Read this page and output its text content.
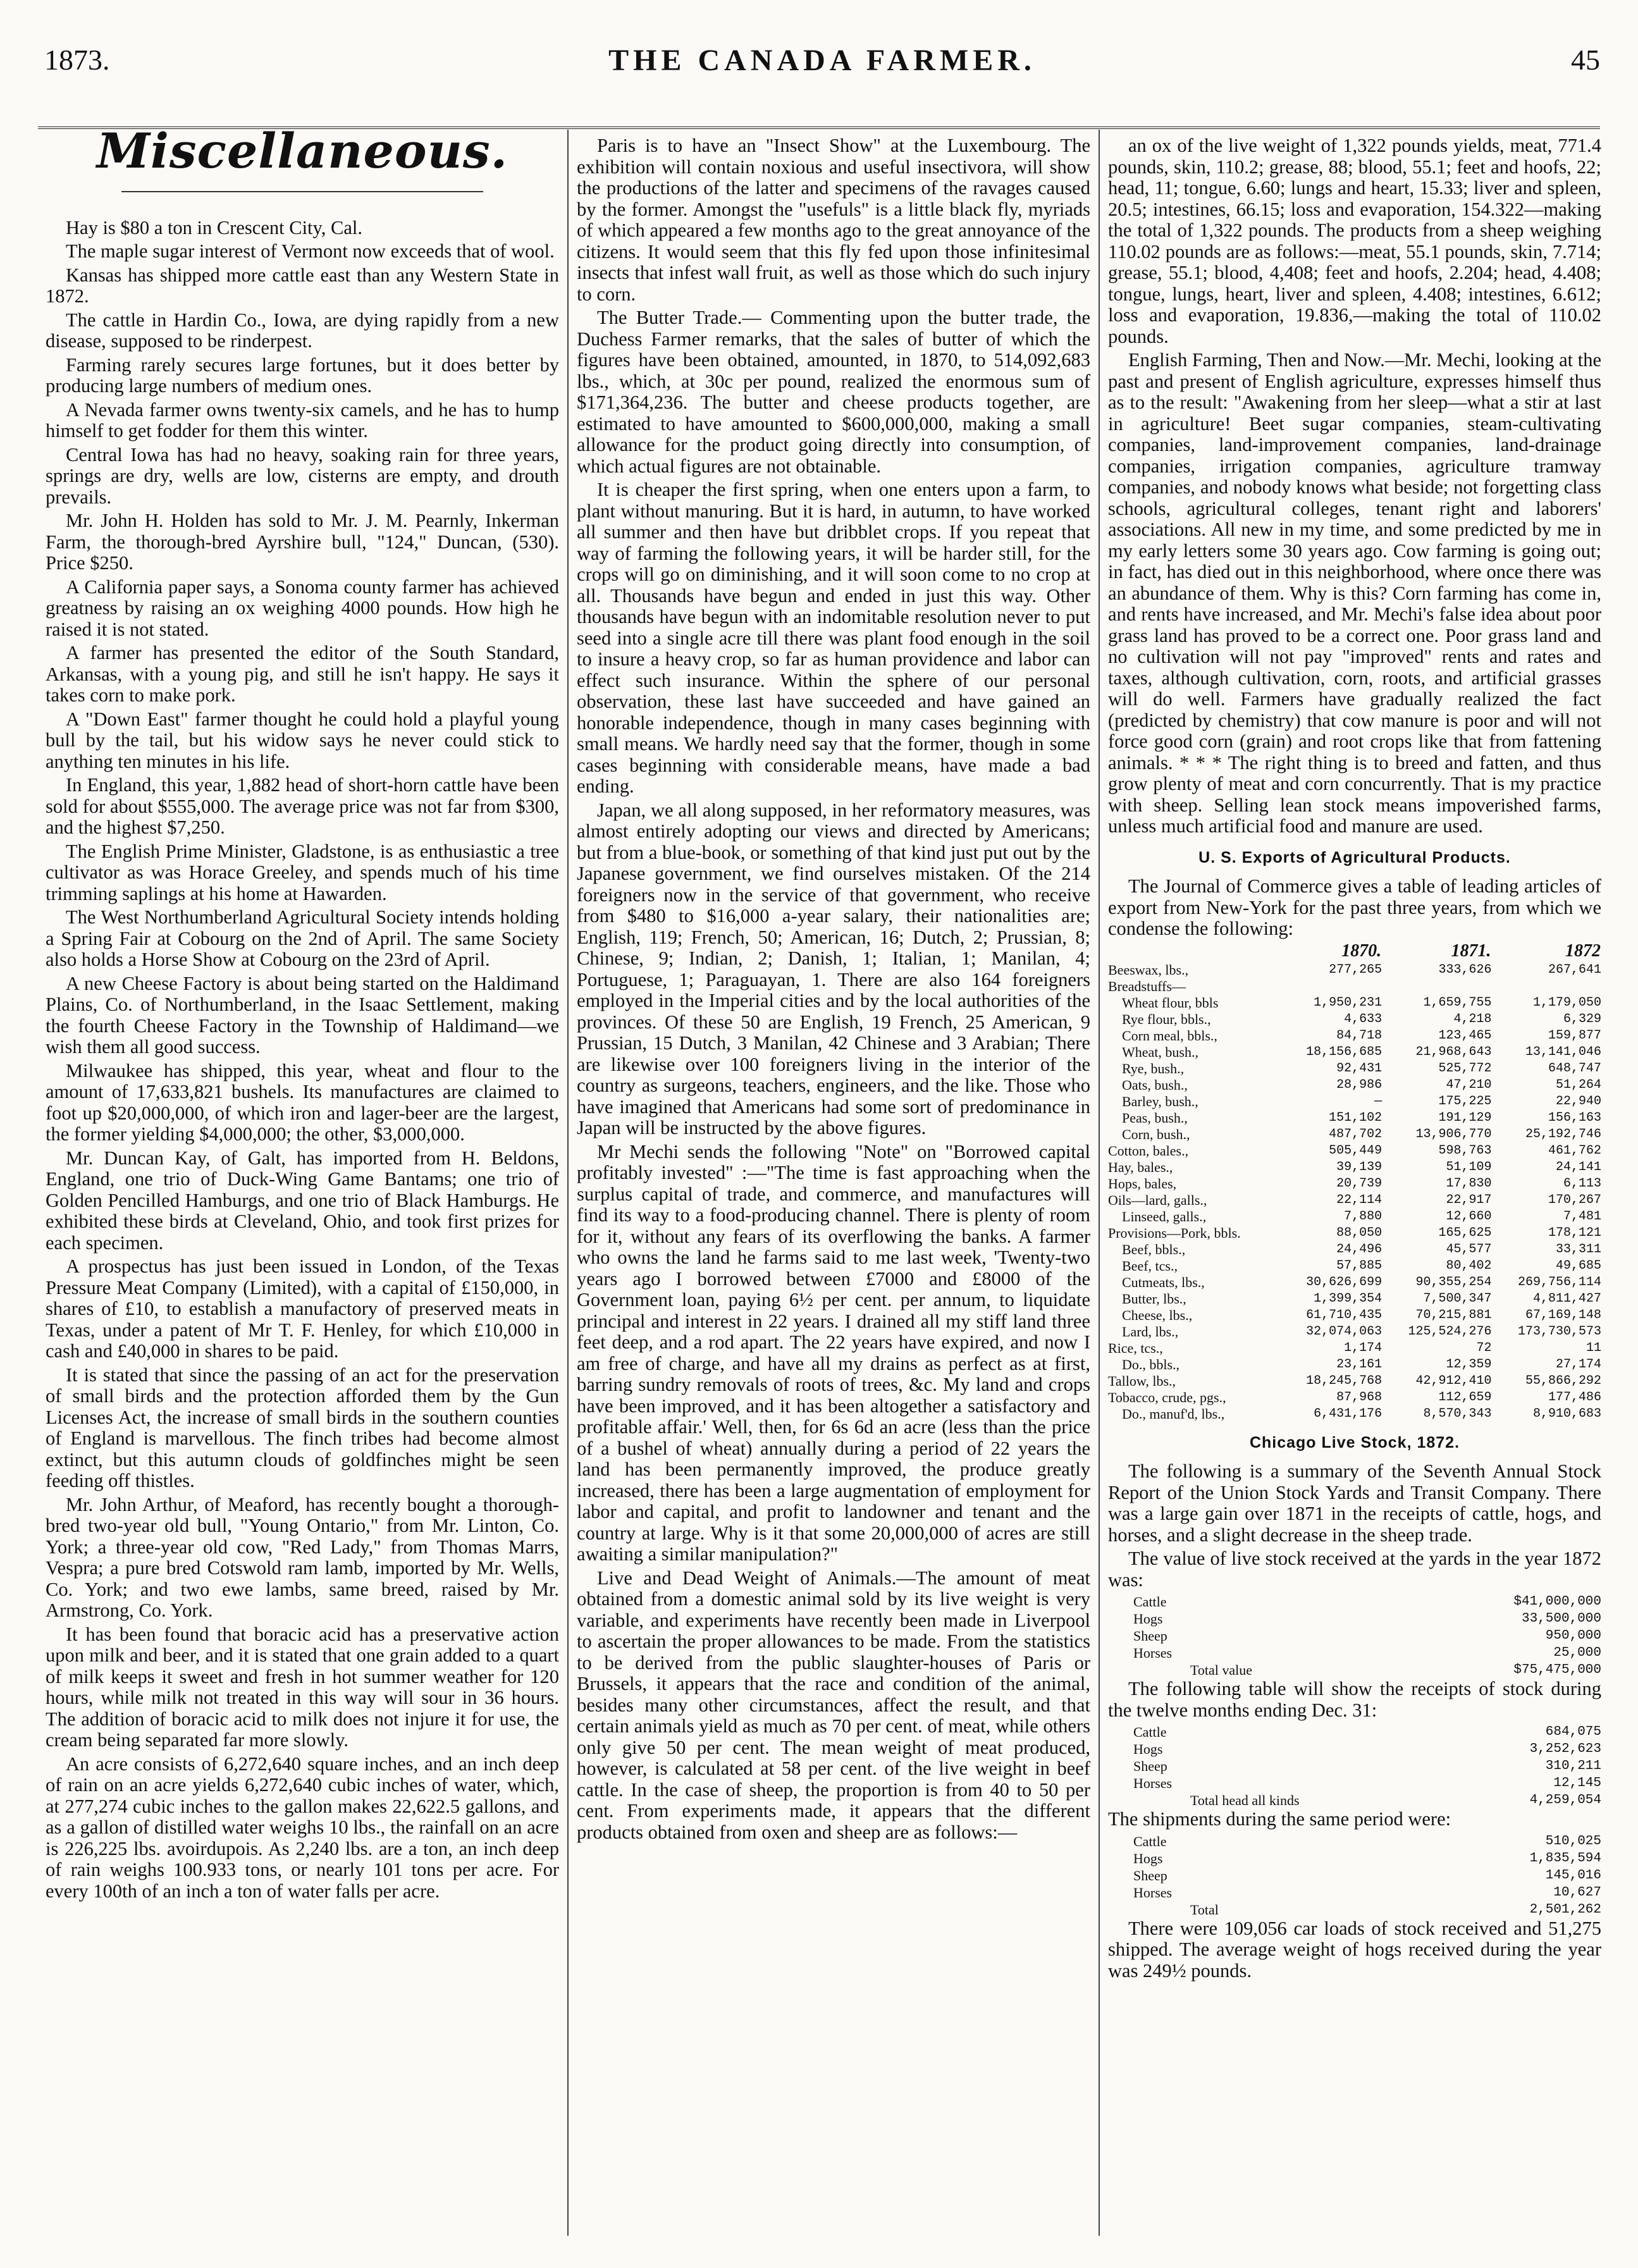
1873.	THE CANADA FARMER.	45
Miscellaneous.

Hay is $80 a ton in Crescent City, Cal.

The maple sugar interest of Vermont now exceeds that of wool.

Kansas has shipped more cattle east than any Western State in 1872.

The cattle in Hardin Co., Iowa, are dying rapidly from a new disease, supposed to be rinderpest.

Farming rarely secures large fortunes, but it does better by producing large numbers of medium ones.

A Nevada farmer owns twenty-six camels, and he has to hump himself to get fodder for them this winter.

Central Iowa has had no heavy, soaking rain for three years, springs are dry, wells are low, cisterns are empty, and drouth prevails.

Mr. John H. Holden has sold to Mr. J. M. Pearnly, Inkerman Farm, the thorough-bred Ayrshire bull, "124," Duncan, (530). Price $250.

A California paper says, a Sonoma county farmer has achieved greatness by raising an ox weighing 4000 pounds. How high he raised it is not stated.

A farmer has presented the editor of the South Standard, Arkansas, with a young pig, and still he isn't happy. He says it takes corn to make pork.

A "Down East" farmer thought he could hold a playful young bull by the tail, but his widow says he never could stick to anything ten minutes in his life.

In England, this year, 1,882 head of short-horn cattle have been sold for about $555,000. The average price was not far from $300, and the highest $7,250.

The English Prime Minister, Gladstone, is as enthusiastic a tree cultivator as was Horace Greeley, and spends much of his time trimming saplings at his home at Hawarden.

The West Northumberland Agricultural Society intends holding a Spring Fair at Cobourg on the 2nd of April. The same Society also holds a Horse Show at Cobourg on the 23rd of April.

A new Cheese Factory is about being started on the Haldimand Plains, Co. of Northumberland, in the Isaac Settlement, making the fourth Cheese Factory in the Township of Haldimand—we wish them all good success.

Milwaukee has shipped, this year, wheat and flour to the amount of 17,633,821 bushels. Its manufactures are claimed to foot up $20,000,000, of which iron and lager-beer are the largest, the former yielding $4,000,000; the other, $3,000,000.

Mr. Duncan Kay, of Galt, has imported from H. Beldons, England, one trio of Duck-Wing Game Bantams; one trio of Golden Pencilled Hamburgs, and one trio of Black Hamburgs. He exhibited these birds at Cleveland, Ohio, and took first prizes for each specimen.

A prospectus has just been issued in London, of the Texas Pressure Meat Company (Limited), with a capital of £150,000, in shares of £10, to establish a manufactory of preserved meats in Texas, under a patent of Mr T. F. Henley, for which £10,000 in cash and £40,000 in shares to be paid.

It is stated that since the passing of an act for the preservation of small birds and the protection afforded them by the Gun Licenses Act, the increase of small birds in the southern counties of England is marvellous. The finch tribes had become almost extinct, but this autumn clouds of goldfinches might be seen feeding off thistles.

Mr. John Arthur, of Meaford, has recently bought a thorough-bred two-year old bull, "Young Ontario," from Mr. Linton, Co. York; a three-year old cow, "Red Lady," from Thomas Marrs, Vespra; a pure bred Cotswold ram lamb, imported by Mr. Wells, Co. York; and two ewe lambs, same breed, raised by Mr. Armstrong, Co. York.

It has been found that boracic acid has a preservative action upon milk and beer, and it is stated that one grain added to a quart of milk keeps it sweet and fresh in hot summer weather for 120 hours, while milk not treated in this way will sour in 36 hours. The addition of boracic acid to milk does not injure it for use, the cream being separated far more slowly.

An acre consists of 6,272,640 square inches, and an inch deep of rain on an acre yields 6,272,640 cubic inches of water, which, at 277,274 cubic inches to the gallon makes 22,622.5 gallons, and as a gallon of distilled water weighs 10 lbs., the rainfall on an acre is 226,225 lbs. avoirdupois. As 2,240 lbs. are a ton, an inch deep of rain weighs 100.933 tons, or nearly 101 tons per acre. For every 100th of an inch a ton of water falls per acre.

Paris is to have an "Insect Show" at the Luxembourg. The exhibition will contain noxious and useful insectivora, will show the productions of the latter and specimens of the ravages caused by the former. Amongst the "usefuls" is a little black fly, myriads of which appeared a few months ago to the great annoyance of the citizens. It would seem that this fly fed upon those infinitesimal insects that infest wall fruit, as well as those which do such injury to corn.

The Butter Trade.— Commenting upon the butter trade, the Duchess Farmer remarks, that the sales of butter of which the figures have been obtained, amounted, in 1870, to 514,092,683 lbs., which, at 30c per pound, realized the enormous sum of $171,364,236. The butter and cheese products together, are estimated to have amounted to $600,000,000, making a small allowance for the product going directly into consumption, of which actual figures are not obtainable.

It is cheaper the first spring, when one enters upon a farm, to plant without manuring. But it is hard, in autumn, to have worked all summer and then have but dribblet crops. If you repeat that way of farming the following years, it will be harder still, for the crops will go on diminishing, and it will soon come to no crop at all. Thousands have begun and ended in just this way. Other thousands have begun with an indomitable resolution never to put seed into a single acre till there was plant food enough in the soil to insure a heavy crop, so far as human providence and labor can effect such insurance. Within the sphere of our personal observation, these last have succeeded and have gained an honorable independence, though in many cases beginning with small means. We hardly need say that the former, though in some cases beginning with considerable means, have made a bad ending.

Japan, we all along supposed, in her reformatory measures, was almost entirely adopting our views and directed by Americans; but from a blue-book, or something of that kind just put out by the Japanese government, we find ourselves mistaken. Of the 214 foreigners now in the service of that government, who receive from $480 to $16,000 a-year salary, their nationalities are; English, 119; French, 50; American, 16; Dutch, 2; Prussian, 8; Chinese, 9; Indian, 2; Danish, 1; Italian, 1; Manilan, 4; Portuguese, 1; Paraguayan, 1. There are also 164 foreigners employed in the Imperial cities and by the local authorities of the provinces. Of these 50 are English, 19 French, 25 American, 9 Prussian, 15 Dutch, 3 Manilan, 42 Chinese and 3 Arabian; There are likewise over 100 foreigners living in the interior of the country as surgeons, teachers, engineers, and the like. Those who have imagined that Americans had some sort of predominance in Japan will be instructed by the above figures.

Mr Mechi sends the following "Note" on "Borrowed capital profitably invested" :—"The time is fast approaching when the surplus capital of trade, and commerce, and manufactures will find its way to a food-producing channel. There is plenty of room for it, without any fears of its overflowing the banks. A farmer who owns the land he farms said to me last week, 'Twenty-two years ago I borrowed between £7000 and £8000 of the Government loan, paying 6½ per cent. per annum, to liquidate principal and interest in 22 years. I drained all my stiff land three feet deep, and a rod apart. The 22 years have expired, and now I am free of charge, and have all my drains as perfect as at first, barring sundry removals of roots of trees, &c. My land and crops have been improved, and it has been altogether a satisfactory and profitable affair.' Well, then, for 6s 6d an acre (less than the price of a bushel of wheat) annually during a period of 22 years the land has been permanently improved, the produce greatly increased, there has been a large augmentation of employment for labor and capital, and profit to landowner and tenant and the country at large. Why is it that some 20,000,000 of acres are still awaiting a similar manipulation?"

Live and Dead Weight of Animals.—The amount of meat obtained from a domestic animal sold by its live weight is very variable, and experiments have recently been made in Liverpool to ascertain the proper allowances to be made. From the statistics to be derived from the public slaughter-houses of Paris or Brussels, it appears that the race and condition of the animal, besides many other circumstances, affect the result, and that certain animals yield as much as 70 per cent. of meat, while others only give 50 per cent. The mean weight of meat produced, however, is calculated at 58 per cent. of the live weight in beef cattle. In the case of sheep, the proportion is from 40 to 50 per cent. From experiments made, it appears that the different products obtained from oxen and sheep are as follows:—

an ox of the live weight of 1,322 pounds yields, meat, 771.4 pounds, skin, 110.2; grease, 88; blood, 55.1; feet and hoofs, 22; head, 11; tongue, 6.60; lungs and heart, 15.33; liver and spleen, 20.5; intestines, 66.15; loss and evaporation, 154.322—making the total of 1,322 pounds. The products from a sheep weighing 110.02 pounds are as follows:—meat, 55.1 pounds, skin, 7.714; grease, 55.1; blood, 4,408; feet and hoofs, 2.204; head, 4.408; tongue, lungs, heart, liver and spleen, 4.408; intestines, 6.612; loss and evaporation, 19.836,—making the total of 110.02 pounds.

English Farming, Then and Now.—Mr. Mechi, looking at the past and present of English agriculture, expresses himself thus as to the result: "Awakening from her sleep—what a stir at last in agriculture! Beet sugar companies, steam-cultivating companies, land-improvement companies, land-drainage companies, irrigation companies, agriculture tramway companies, and nobody knows what beside; not forgetting class schools, agricultural colleges, tenant right and laborers' associations. All new in my time, and some predicted by me in my early letters some 30 years ago. Cow farming is going out; in fact, has died out in this neighborhood, where once there was an abundance of them. Why is this? Corn farming has come in, and rents have increased, and Mr. Mechi's false idea about poor grass land has proved to be a correct one. Poor grass land and no cultivation will not pay "improved" rents and rates and taxes, although cultivation, corn, roots, and artificial grasses will do well. Farmers have gradually realized the fact (predicted by chemistry) that cow manure is poor and will not force good corn (grain) and root crops like that from fattening animals. * * * The right thing is to breed and fatten, and thus grow plenty of meat and corn concurrently. That is my practice with sheep. Selling lean stock means impoverished farms, unless much artificial food and manure are used.

U. S. Exports of Agricultural Products.

The Journal of Commerce gives a table of leading articles of export from New-York for the past three years, from which we condense the following:

	1870.	1871.	1872
Beeswax, lbs.,	277,265	333,626	267,641
Breadstuffs—			
Wheat flour, bbls	1,950,231	1,659,755	1,179,050
Rye flour, bbls.,	4,633	4,218	6,329
Corn meal, bbls.,	84,718	123,465	159,877
Wheat, bush.,	18,156,685	21,968,643	13,141,046
Rye, bush.,	92,431	525,772	648,747
Oats, bush.,	28,986	47,210	51,264
Barley, bush.,	—	175,225	22,940
Peas, bush.,	151,102	191,129	156,163
Corn, bush.,	487,702	13,906,770	25,192,746
Cotton, bales.,	505,449	598,763	461,762
Hay, bales.,	39,139	51,109	24,141
Hops, bales,	20,739	17,830	6,113
Oils—lard, galls.,	22,114	22,917	170,267
Linseed, galls.,	7,880	12,660	7,481
Provisions—Pork, bbls.	88,050	165,625	178,121
Beef, bbls.,	24,496	45,577	33,311
Beef, tcs.,	57,885	80,402	49,685
Cutmeats, lbs.,	30,626,699	90,355,254	269,756,114
Butter, lbs.,	1,399,354	7,500,347	4,811,427
Cheese, lbs.,	61,710,435	70,215,881	67,169,148
Lard, lbs.,	32,074,063	125,524,276	173,730,573
Rice, tcs.,	1,174	72	11
Do., bbls.,	23,161	12,359	27,174
Tallow, lbs.,	18,245,768	42,912,410	55,866,292
Tobacco, crude, pgs.,	87,968	112,659	177,486
Do., manuf'd, lbs.,	6,431,176	8,570,343	8,910,683
Chicago Live Stock, 1872.

The following is a summary of the Seventh Annual Stock Report of the Union Stock Yards and Transit Company. There was a large gain over 1871 in the receipts of cattle, hogs, and horses, and a slight decrease in the sheep trade.

The value of live stock received at the yards in the year 1872 was:

Cattle	$41,000,000
Hogs	33,500,000
Sheep	950,000
Horses	25,000
Total value	$75,475,000

The following table will show the receipts of stock during the twelve months ending Dec. 31:

Cattle	684,075
Hogs	3,252,623
Sheep	310,211
Horses	12,145
Total head all kinds	4,259,054

The shipments during the same period were:

Cattle	510,025
Hogs	1,835,594
Sheep	145,016
Horses	10,627
Total	2,501,262

There were 109,056 car loads of stock received and 51,275 shipped. The average weight of hogs received during the year was 249½ pounds.
